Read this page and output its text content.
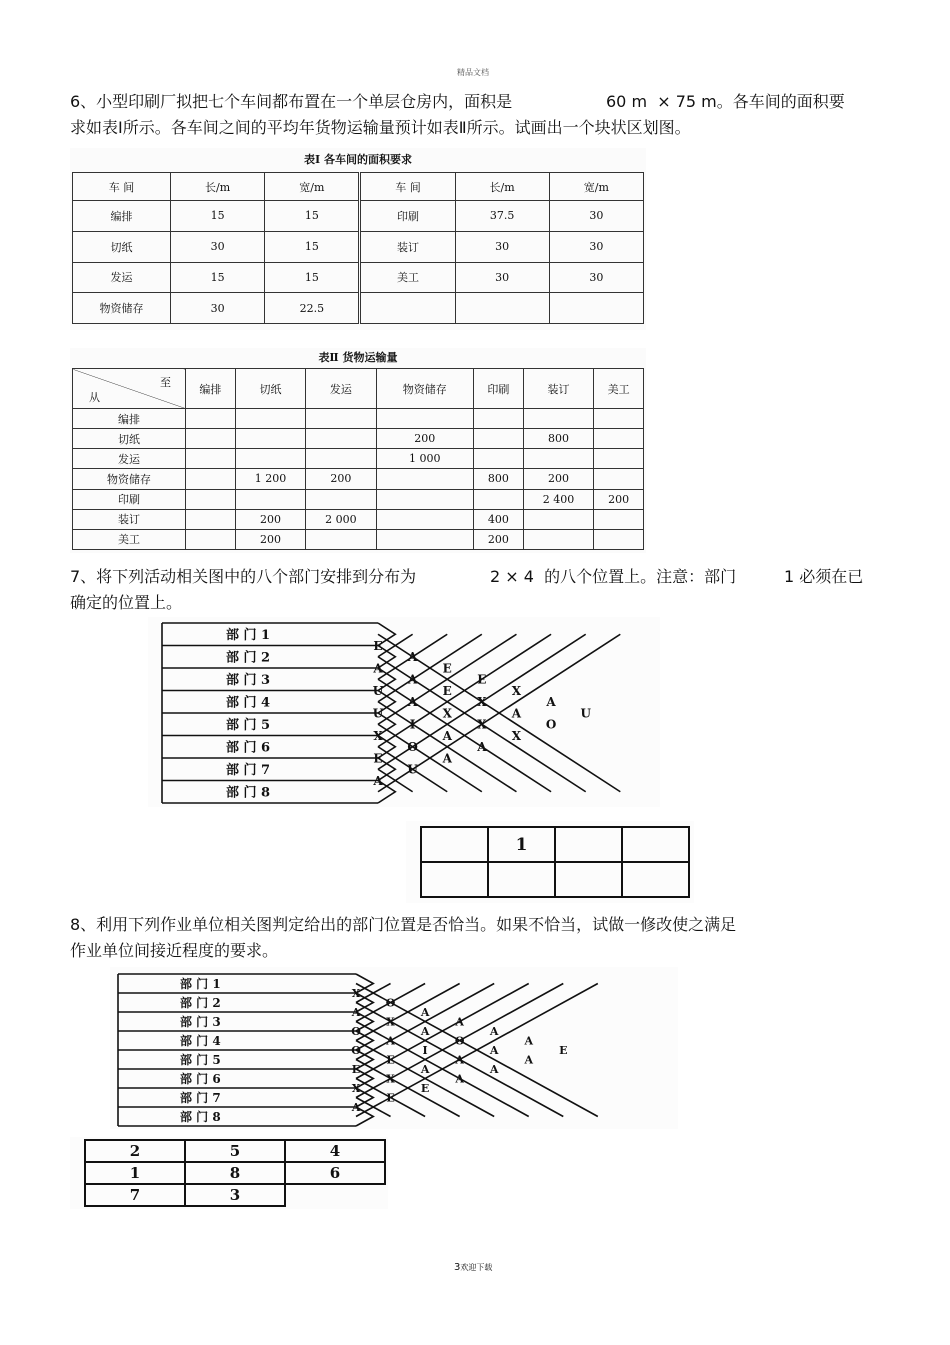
精品文档
6、小型印刷厂拟把七个车间都布置在一个单层仓房内，面积是	60 m  × 75 m。各车间的面积要
求如表Ⅰ所示。各车间之间的平均年货物运输量预计如表Ⅱ所示。试画出一个块状区划图。
表Ⅰ 各车间的面积要求
车 间	长/m	宽/m	车 间	长/m	宽/m
编排	15	15	印刷	37.5	30
切纸	30	15	装订	30	30
发运	15	15	美工	30	30
物资储存	30	22.5			
表Ⅱ 货物运输量
至
从	编排	切纸	发运	物资储存	印刷	装订	美工
编排							
切纸				200		800	
发运				1 000			
物资储存		1 200	200		800	200	
印刷						2 400	200
装订		200	2 000		400		
美工		200			200		
7、将下列活动相关图中的八个部门安排到分布为	2 × 4  的八个位置上。注意：部门	1 必须在已
确定的位置上。
部 门 1
部 门 2
部 门 3
部 门 4
部 门 5
部 门 6
部 门 7
部 门 8
E
A
E
E
X
A
U
A
A
E
X
A
O
U
A
X
X
X
U
I
A
A
X
O
A
E
U
A
	1		

8、利用下列作业单位相关图判定给出的部门位置是否恰当。如果不恰当，试做一修改使之满足
作业单位间接近程度的要求。
部 门 1
部 门 2
部 门 3
部 门 4
部 门 5
部 门 6
部 门 7
部 门 8
X
O
A
A
A
A
E
A
X
A
O
A
A
O
A
I
A
A
O
E
A
A
E
X
E
X
E
A
2	5	4
1	8	6
7	3	
3欢迎下载
